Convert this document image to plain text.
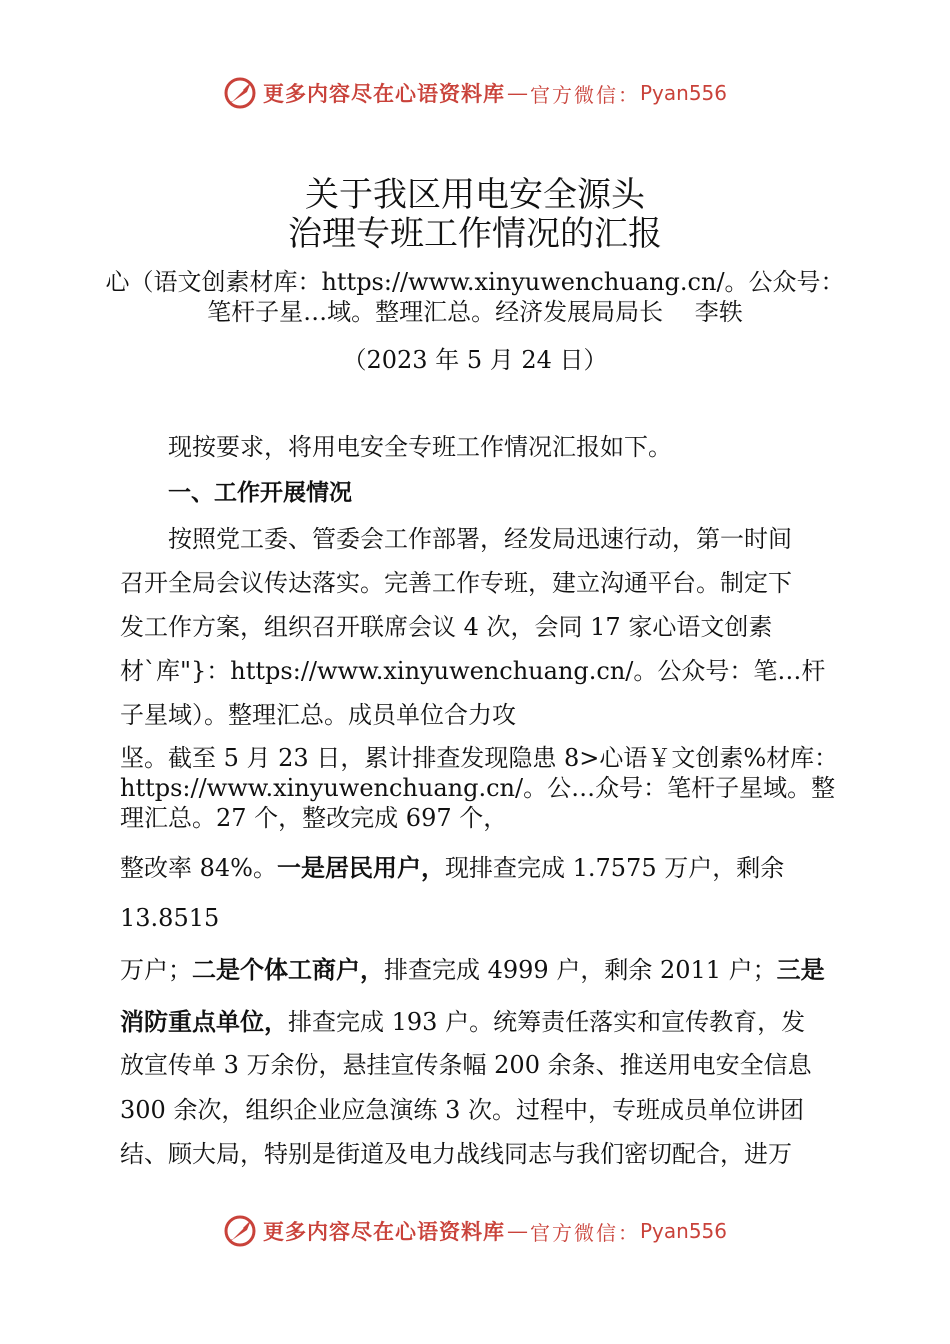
更多内容尽在心语资料库 — 官方微信： Pyan556
关于我区用电安全源头
治理专班工作情况的汇报
心（语文创素材库：https://www.xinyuwenchuang.cn/。公众号：
笔杆子星…域。整理汇总。经济发展局局长　 李轶
（2023 年 5 月 24 日）
现按要求，将用电安全专班工作情况汇报如下。
一、工作开展情况
按照党工委、管委会工作部署，经发局迅速行动，第一时间
召开全局会议传达落实。完善工作专班，建立沟通平台。制定下
发工作方案，组织召开联席会议 4 次，会同 17 家心语文创素
材`库"}：https://www.xinyuwenchuang.cn/。公众号：笔…杆
子星域）。整理汇总。成员单位合力攻
坚。截至 5 月 23 日，累计排查发现隐患 8>心语￥文创素%材库：
https://www.xinyuwenchuang.cn/。公…众号：笔杆子星域。整
理汇总。27 个，整改完成 697 个，
整改率 84%。一是居民用户，现排查完成 1.7575 万户，剩余
13.8515
万户；二是个体工商户，排查完成 4999 户，剩余 2011 户；三是
消防重点单位，排查完成 193 户。统筹责任落实和宣传教育，发
放宣传单 3 万余份，悬挂宣传条幅 200 余条、推送用电安全信息
300 余次，组织企业应急演练 3 次。过程中，专班成员单位讲团
结、顾大局，特别是街道及电力战线同志与我们密切配合，进万
更多内容尽在心语资料库 — 官方微信： Pyan556
